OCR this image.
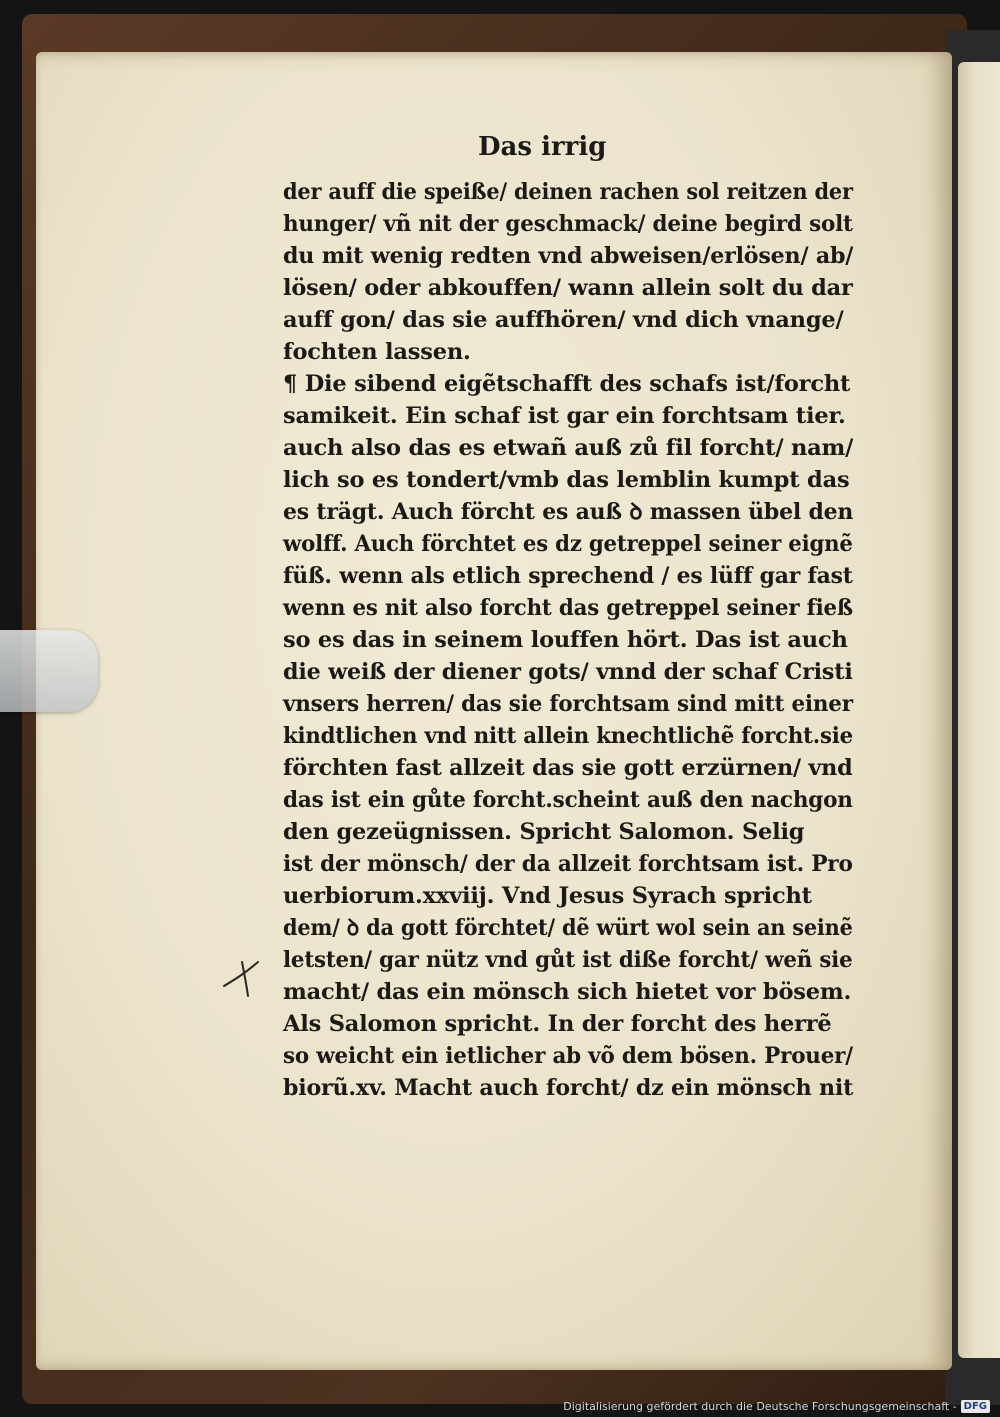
Das irrig
der auff die speiße/ deinen rachen sol reitzen der
hunger/ vñ nit der geschmack/ deine begird solt
du mit wenig redten vnd abweisen/erlösen/ ab/
lösen/ oder abkouffen/ wann allein solt du dar
auff gon/ das sie auffhören/ vnd dich vnange/
fochten lassen.
¶ Die sibend eigẽtschafft des schafs ist/forcht
samikeit. Ein schaf ist gar ein forchtsam tier.
auch also das es etwañ auß zů fil forcht/ nam/
lich so es tondert/vmb das lemblin kumpt das
es trägt. Auch förcht es auß ꝺ massen übel den
wolff. Auch förchtet es dz getreppel seiner eignẽ
füß. wenn als etlich sprechend / es lüff gar fast
wenn es nit also forcht das getreppel seiner fieß
so es das in seinem louffen hört. Das ist auch
die weiß der diener gots/ vnnd der schaf Cristi
vnsers herren/ das sie forchtsam sind mitt einer
kindtlichen vnd nitt allein knechtlichẽ forcht.sie
förchten fast allzeit das sie gott erzürnen/ vnd
das ist ein gůte forcht.scheint auß den nachgon
den gezeügnissen. Spricht Salomon. Selig
ist der mönsch/ der da allzeit forchtsam ist. Pro
uerbiorum.xxviij. Vnd Jesus Syrach spricht
dem/ ꝺ da gott förchtet/ dẽ würt wol sein an seinẽ
letsten/ gar nütz vnd gůt ist diße forcht/ weñ sie
macht/ das ein mönsch sich hietet vor bösem.
Als Salomon spricht. In der forcht des herrẽ
so weicht ein ietlicher ab võ dem bösen. Prouer/
biorũ.xv. Macht auch forcht/ dz ein mönsch nit
Digitalisierung gefördert durch die Deutsche Forschungsgemeinschaft - DFG
